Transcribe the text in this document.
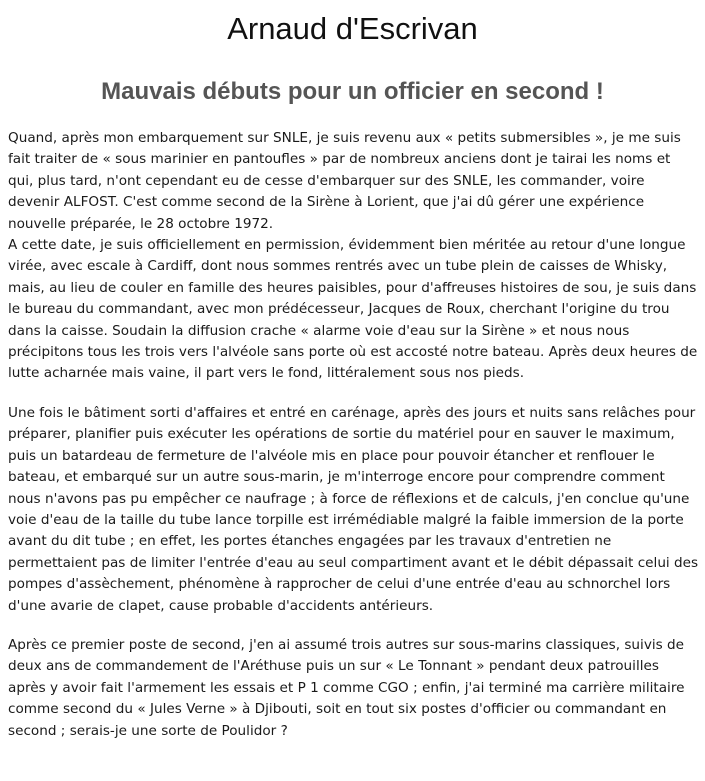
Arnaud d'Escrivan
Mauvais débuts pour un officier en second !

Quand, après mon embarquement sur SNLE, je suis revenu aux « petits submersibles », je me suis fait traiter de « sous marinier en pantoufles » par de nombreux anciens dont je tairai les noms et qui, plus tard, n'ont cependant eu de cesse d'embarquer sur des SNLE, les commander, voire devenir ALFOST. C'est comme second de la Sirène à Lorient, que j'ai dû gérer une expérience nouvelle préparée, le 28 octobre 1972.

A cette date, je suis officiellement en permission, évidemment bien méritée au retour d'une longue virée, avec escale à Cardiff, dont nous sommes rentrés avec un tube plein de caisses de Whisky, mais, au lieu de couler en famille des heures paisibles, pour d'affreuses histoires de sou, je suis dans le bureau du commandant, avec mon prédécesseur, Jacques de Roux, cherchant l'origine du trou dans la caisse. Soudain la diffusion crache « alarme voie d'eau sur la Sirène » et nous nous précipitons tous les trois vers l'alvéole sans porte où est accosté notre bateau. Après deux heures de lutte acharnée mais vaine, il part vers le fond, littéralement sous nos pieds.

Une fois le bâtiment sorti d'affaires et entré en carénage, après des jours et nuits sans relâches pour préparer, planifier puis exécuter les opérations de sortie du matériel pour en sauver le maximum, puis un batardeau de fermeture de l'alvéole mis en place pour pouvoir étancher et renflouer le bateau, et embarqué sur un autre sous-marin, je m'interroge encore pour comprendre comment nous n'avons pas pu empêcher ce naufrage ; à force de réflexions et de calculs, j'en conclue qu'une voie d'eau de la taille du tube lance torpille est irrémédiable malgré la faible immersion de la porte avant du dit tube ; en effet, les portes étanches engagées par les travaux d'entretien ne permettaient pas de limiter l'entrée d'eau au seul compartiment avant et le débit dépassait celui des pompes d'assèchement, phénomène à rapprocher de celui d'une entrée d'eau au schnorchel lors d'une avarie de clapet, cause probable d'accidents antérieurs.

Après ce premier poste de second, j'en ai assumé trois autres sur sous-marins classiques, suivis de deux ans de commandement de l'Aréthuse puis un sur « Le Tonnant » pendant deux patrouilles après y avoir fait l'armement les essais et P 1 comme CGO ; enfin, j'ai terminé ma carrière militaire comme second du « Jules Verne » à Djibouti, soit en tout six postes d'officier ou commandant en second ; serais-je une sorte de Poulidor ?
